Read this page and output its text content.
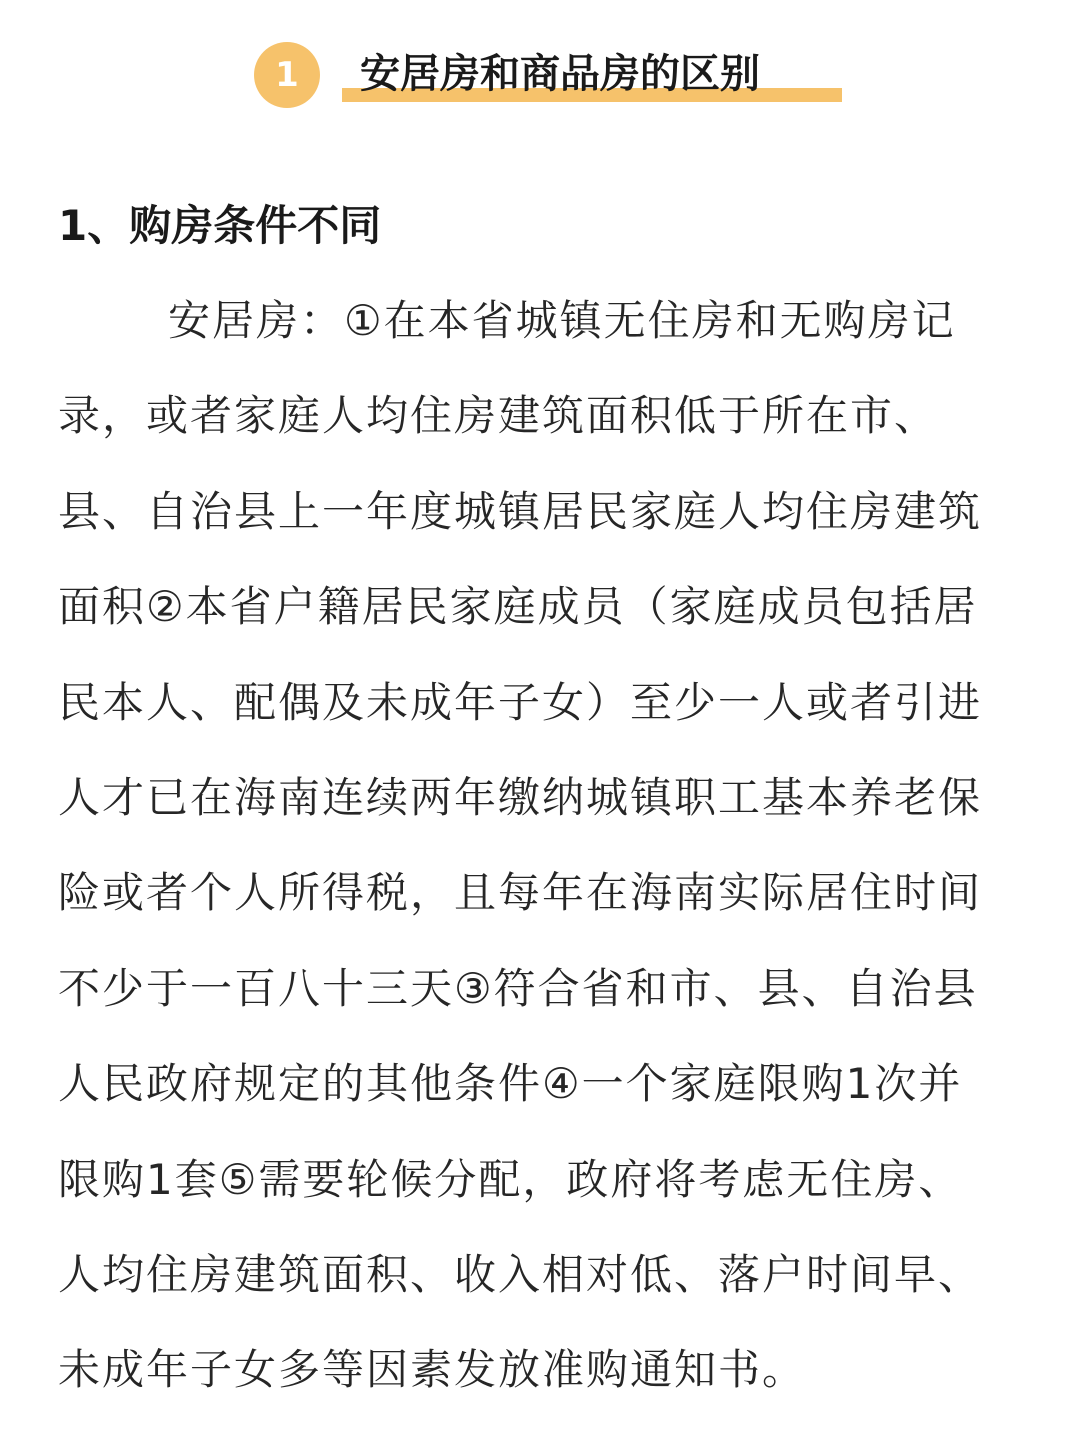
1	安居房和商品房的区别
1、购房条件不同
安居房：①在本省城镇无住房和无购房记
录，或者家庭人均住房建筑面积低于所在市、
县、自治县上一年度城镇居民家庭人均住房建筑
面积②本省户籍居民家庭成员（家庭成员包括居
民本人、配偶及未成年子女）至少一人或者引进
人才已在海南连续两年缴纳城镇职工基本养老保
险或者个人所得税，且每年在海南实际居住时间
不少于一百八十三天③符合省和市、县、自治县
人民政府规定的其他条件④一个家庭限购1次并
限购1套⑤需要轮候分配，政府将考虑无住房、
人均住房建筑面积、收入相对低、落户时间早、
未成年子女多等因素发放准购通知书。
